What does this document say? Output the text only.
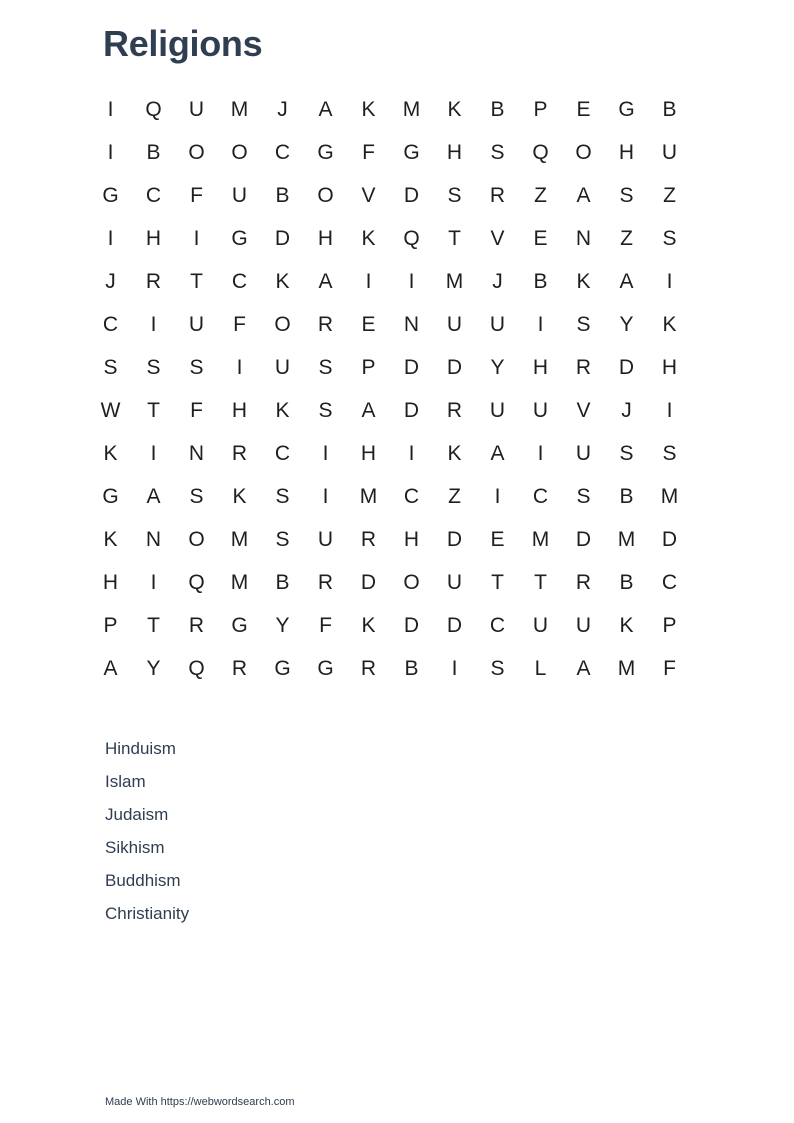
Religions
I	Q	U	M	J	A	K	M	K	B	P	E	G	B
I	B	O	O	C	G	F	G	H	S	Q	O	H	U
G	C	F	U	B	O	V	D	S	R	Z	A	S	Z
I	H	I	G	D	H	K	Q	T	V	E	N	Z	S
J	R	T	C	K	A	I	I	M	J	B	K	A	I
C	I	U	F	O	R	E	N	U	U	I	S	Y	K
S	S	S	I	U	S	P	D	D	Y	H	R	D	H
W	T	F	H	K	S	A	D	R	U	U	V	J	I
K	I	N	R	C	I	H	I	K	A	I	U	S	S
G	A	S	K	S	I	M	C	Z	I	C	S	B	M
K	N	O	M	S	U	R	H	D	E	M	D	M	D
H	I	Q	M	B	R	D	O	U	T	T	R	B	C
P	T	R	G	Y	F	K	D	D	C	U	U	K	P
A	Y	Q	R	G	G	R	B	I	S	L	A	M	F
Hinduism
Islam
Judaism
Sikhism
Buddhism
Christianity
Made With https://webwordsearch.com
